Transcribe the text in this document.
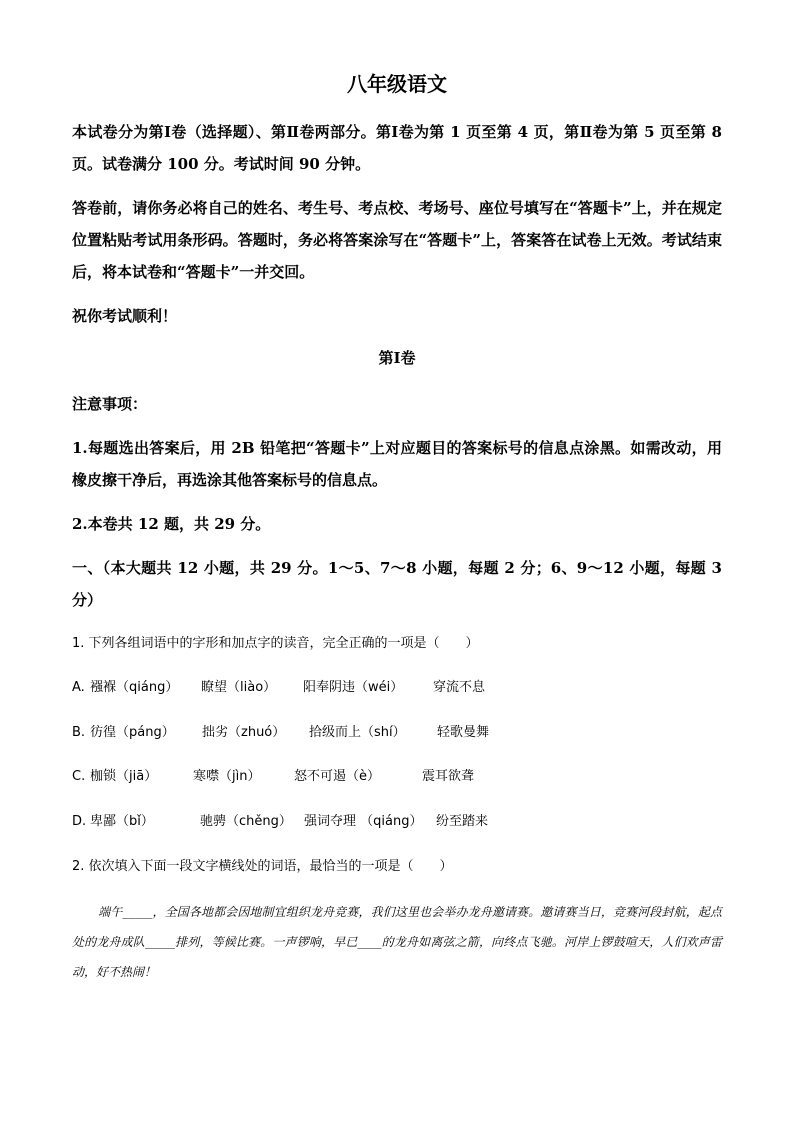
八年级语文
本试卷分为第Ⅰ卷（选择题）、第Ⅱ卷两部分。第Ⅰ卷为第 1 页至第 4 页，第Ⅱ卷为第 5 页至第 8 页。试卷满分 100 分。考试时间 90 分钟。
答卷前，请你务必将自己的姓名、考生号、考点校、考场号、座位号填写在“答题卡”上，并在规定位置粘贴考试用条形码。答题时，务必将答案涂写在“答题卡”上，答案答在试卷上无效。考试结束后，将本试卷和“答题卡”一并交回。
祝你考试顺利！
第Ⅰ卷
注意事项：
1.每题选出答案后，用 2B 铅笔把“答题卡”上对应题目的答案标号的信息点涂黑。如需改动，用橡皮擦干净后，再选涂其他答案标号的信息点。
2.本卷共 12 题，共 29 分。
一、（本大题共 12 小题，共 29 分。1～5、7～8 小题，每题 2 分；6、9～12 小题，每题 3 分）
1. 下列各组词语中的字形和加点字的读音，完全正确的一项是（　　）
A. 襁褓（qiáng） 瞭望（liào） 阳奉阴违（wéi） 穿流不息
B. 彷徨（páng） 拙劣（zhuó） 拾级而上（shí） 轻歌曼舞
C. 枷锁（jiā）	寒噤（jìn）	怒不可遏（è）	震耳欲聋
D. 卑鄙（bǐ）	驰骋（chěng） 强词夺理 （qiáng） 纷至踏来
2. 依次填入下面一段文字横线处的词语，最恰当的一项是（　　）
端午_____，全国各地都会因地制宜组织龙舟竞赛，我们这里也会举办龙舟邀请赛。邀请赛当日，竞赛河段封航，起点处的龙舟成队_____排列，等候比赛。一声锣响，早已____的龙舟如离弦之箭，向终点飞驰。河岸上锣鼓喧天，人们欢声雷动，好不热闹！
